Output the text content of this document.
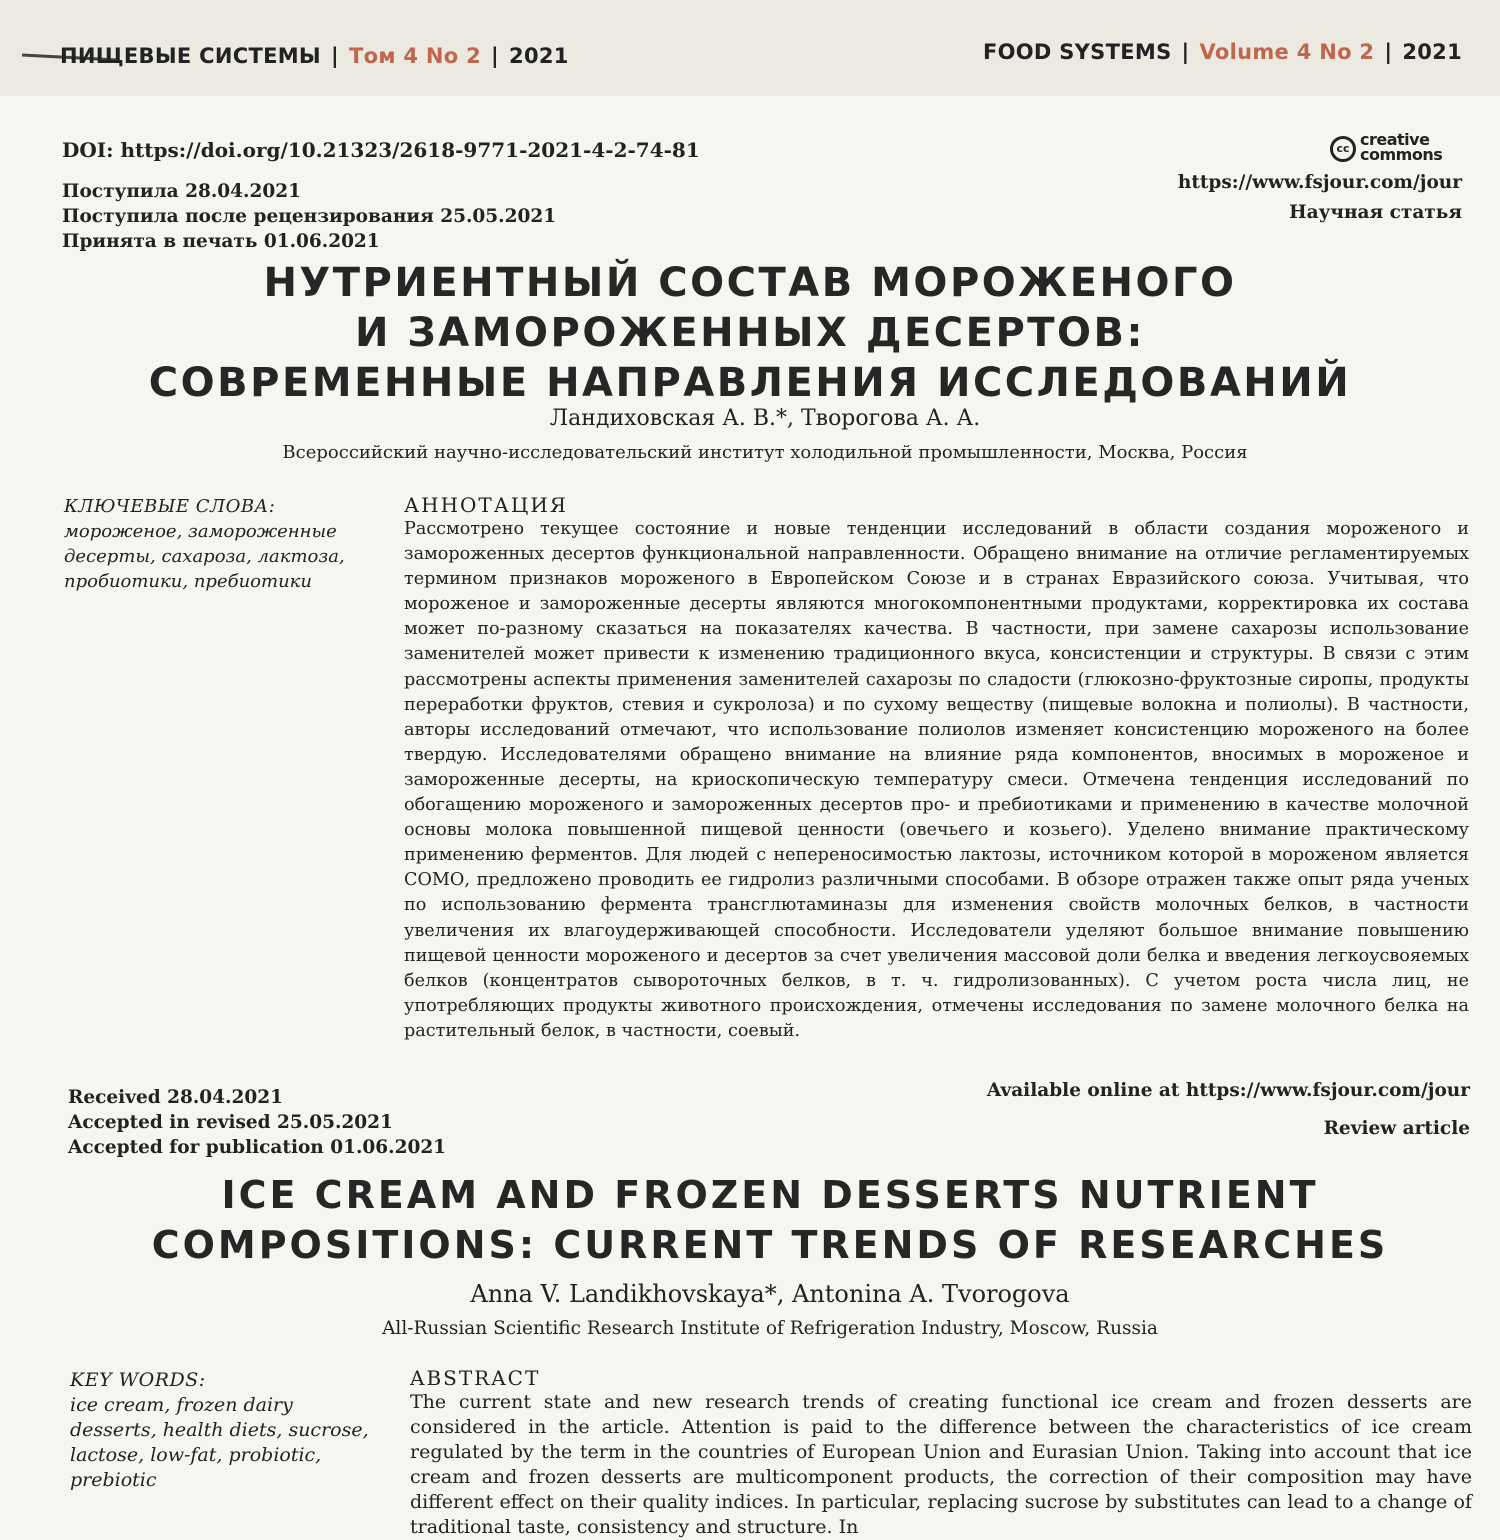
ПИЩЕВЫЕ СИСТЕМЫ | Том 4 No 2 | 2021	FOOD SYSTEMS | Volume 4 No 2 | 2021
DOI: https://doi.org/10.21323/2618-9771-2021-4-2-74-81
Поступила 28.04.2021
Поступила после рецензирования 25.05.2021
Принята в печать 01.06.2021
cc creative
commons
https://www.fsjour.com/jour
Научная статья
НУТРИЕНТНЫЙ СОСТАВ МОРОЖЕНОГО
И ЗАМОРОЖЕННЫХ ДЕСЕРТОВ:
СОВРЕМЕННЫЕ НАПРАВЛЕНИЯ ИССЛЕДОВАНИЙ
Ландиховская А. В.*, Творогова А. А.
Всероссийский научно-исследовательский институт холодильной промышленности, Москва, Россия
КЛЮЧЕВЫЕ СЛОВА:
мороженое, замороженные десерты, сахароза, лактоза, пробиотики, пребиотики
АННОТАЦИЯ
Рассмотрено текущее состояние и новые тенденции исследований в области создания мороженого и замороженных десертов функциональной направленности. Обращено внимание на отличие регламентируемых термином признаков мороженого в Европейском Союзе и в странах Евразийского союза. Учитывая, что мороженое и замороженные десерты являются многокомпонентными продуктами, корректировка их состава может по-разному сказаться на показателях качества. В частности, при замене сахарозы использование заменителей может привести к изменению традиционного вкуса, консистенции и структуры. В связи с этим рассмотрены аспекты применения заменителей сахарозы по сладости (глюкозно-фруктозные сиропы, продукты переработки фруктов, стевия и сукролоза) и по сухому веществу (пищевые волокна и полиолы). В частности, авторы исследований отмечают, что использование полиолов изменяет консистенцию мороженого на более твердую. Исследователями обращено внимание на влияние ряда компонентов, вносимых в мороженое и замороженные десерты, на криоскопическую температуру смеси. Отмечена тенденция исследований по обогащению мороженого и замороженных десертов про- и пребиотиками и применению в качестве молочной основы молока повышенной пищевой ценности (овечьего и козьего). Уделено внимание практическому применению ферментов. Для людей с непереносимостью лактозы, источником которой в мороженом является СОМО, предложено проводить ее гидролиз различными способами. В обзоре отражен также опыт ряда ученых по использованию фермента трансглютаминазы для изменения свойств молочных белков, в частности увеличения их влагоудерживающей способности. Исследователи уделяют большое внимание повышению пищевой ценности мороженого и десертов за счет увеличения массовой доли белка и введения легкоусвояемых белков (концентратов сывороточных белков, в т. ч. гидролизованных). С учетом роста числа лиц, не употребляющих продукты животного происхождения, отмечены исследования по замене молочного белка на растительный белок, в частности, соевый.
Received 28.04.2021
Accepted in revised 25.05.2021
Accepted for publication 01.06.2021
Available online at https://www.fsjour.com/jour
Review article
ICE CREAM AND FROZEN DESSERTS NUTRIENT
COMPOSITIONS: CURRENT TRENDS OF RESEARCHES
Anna V. Landikhovskaya*, Antonina A. Tvorogova
All-Russian Scientific Research Institute of Refrigeration Industry, Moscow, Russia
KEY WORDS:
ice cream, frozen dairy desserts, health diets, sucrose, lactose, low-fat, probiotic, prebiotic
ABSTRACT
The current state and new research trends of creating functional ice cream and frozen desserts are considered in the article. Attention is paid to the difference between the characteristics of ice cream regulated by the term in the countries of European Union and Eurasian Union. Taking into account that ice cream and frozen desserts are multicomponent products, the correction of their composition may have different effect on their quality indices. In particular, replacing sucrose by substitutes can lead to a change of traditional taste, consistency and structure. In
